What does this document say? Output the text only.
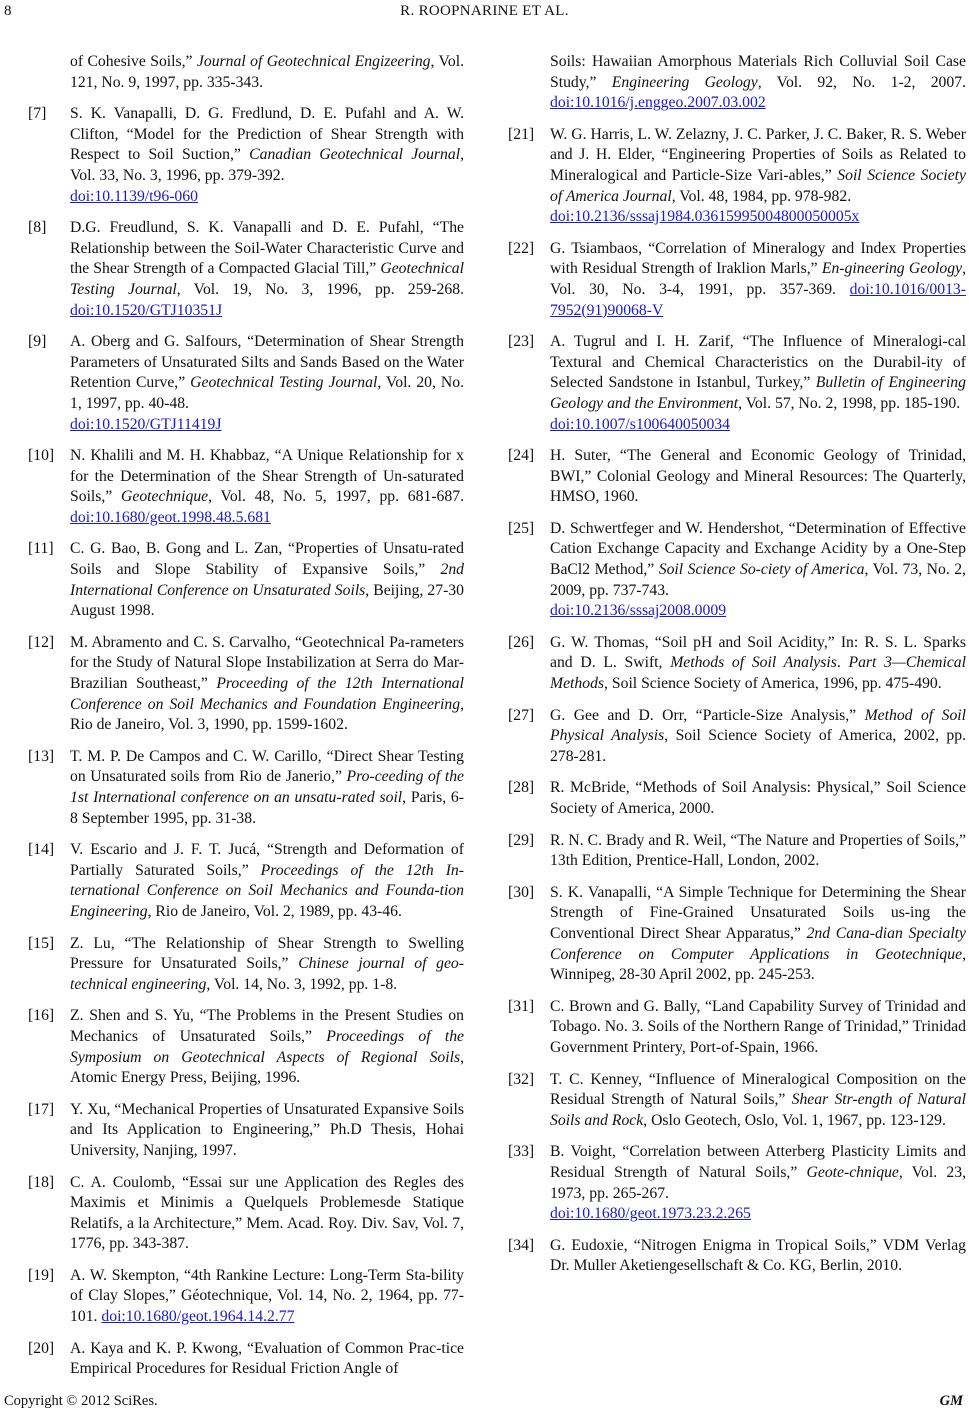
8	R. ROOPNARINE ET AL.
of Cohesive Soils,” Journal of Geotechnical Engizeering, Vol. 121, No. 9, 1997, pp. 335-343.
[7]	S. K. Vanapalli, D. G. Fredlund, D. E. Pufahl and A. W. Clifton, “Model for the Prediction of Shear Strength with Respect to Soil Suction,” Canadian Geotechnical Journal, Vol. 33, No. 3, 1996, pp. 379-392.
doi:10.1139/t96-060
[8]	D.G. Freudlund, S. K. Vanapalli and D. E. Pufahl, “The Relationship between the Soil-Water Characteristic Curve and the Shear Strength of a Compacted Glacial Till,” Geotechnical Testing Journal, Vol. 19, No. 3, 1996, pp. 259-268. doi:10.1520/GTJ10351J
[9]	A. Oberg and G. Salfours, “Determination of Shear Strength Parameters of Unsaturated Silts and Sands Based on the Water Retention Curve,” Geotechnical Testing Journal, Vol. 20, No. 1, 1997, pp. 40-48.
doi:10.1520/GTJ11419J
[10]	N. Khalili and M. H. Khabbaz, “A Unique Relationship for x for the Determination of the Shear Strength of Un-saturated Soils,” Geotechnique, Vol. 48, No. 5, 1997, pp. 681-687. doi:10.1680/geot.1998.48.5.681
[11]	C. G. Bao, B. Gong and L. Zan, “Properties of Unsatu-rated Soils and Slope Stability of Expansive Soils,” 2nd International Conference on Unsaturated Soils, Beijing, 27-30 August 1998.
[12]	M. Abramento and C. S. Carvalho, “Geotechnical Pa-rameters for the Study of Natural Slope Instabilization at Serra do Mar-Brazilian Southeast,” Proceeding of the 12th International Conference on Soil Mechanics and Foundation Engineering, Rio de Janeiro, Vol. 3, 1990, pp. 1599-1602.
[13]	T. M. P. De Campos and C. W. Carillo, “Direct Shear Testing on Unsaturated soils from Rio de Janerio,” Pro-ceeding of the 1st International conference on an unsatu-rated soil, Paris, 6-8 September 1995, pp. 31-38.
[14]	V. Escario and J. F. T. Jucá, “Strength and Deformation of Partially Saturated Soils,” Proceedings of the 12th In-ternational Conference on Soil Mechanics and Founda-tion Engineering, Rio de Janeiro, Vol. 2, 1989, pp. 43-46.
[15]	Z. Lu, “The Relationship of Shear Strength to Swelling Pressure for Unsaturated Soils,” Chinese journal of geo-technical engineering, Vol. 14, No. 3, 1992, pp. 1-8.
[16]	Z. Shen and S. Yu, “The Problems in the Present Studies on Mechanics of Unsaturated Soils,” Proceedings of the Symposium on Geotechnical Aspects of Regional Soils, Atomic Energy Press, Beijing, 1996.
[17]	Y. Xu, “Mechanical Properties of Unsaturated Expansive Soils and Its Application to Engineering,” Ph.D Thesis, Hohai University, Nanjing, 1997.
[18]	C. A. Coulomb, “Essai sur une Application des Regles des Maximis et Minimis a Quelquels Problemesde Statique Relatifs, a la Architecture,” Mem. Acad. Roy. Div. Sav, Vol. 7, 1776, pp. 343-387.
[19]	A. W. Skempton, “4th Rankine Lecture: Long-Term Sta-bility of Clay Slopes,” Géotechnique, Vol. 14, No. 2, 1964, pp. 77-101. doi:10.1680/geot.1964.14.2.77
[20]	A. Kaya and K. P. Kwong, “Evaluation of Common Prac-tice Empirical Procedures for Residual Friction Angle of
Soils: Hawaiian Amorphous Materials Rich Colluvial Soil Case Study,” Engineering Geology, Vol. 92, No. 1-2, 2007. doi:10.1016/j.enggeo.2007.03.002
[21]	W. G. Harris, L. W. Zelazny, J. C. Parker, J. C. Baker, R. S. Weber and J. H. Elder, “Engineering Properties of Soils as Related to Mineralogical and Particle-Size Vari-ables,” Soil Science Society of America Journal, Vol. 48, 1984, pp. 978-982.
doi:10.2136/sssaj1984.03615995004800050005x
[22]	G. Tsiambaos, “Correlation of Mineralogy and Index Properties with Residual Strength of Iraklion Marls,” En-gineering Geology, Vol. 30, No. 3-4, 1991, pp. 357-369. doi:10.1016/0013-7952(91)90068-V
[23]	A. Tugrul and I. H. Zarif, “The Influence of Mineralogi-cal Textural and Chemical Characteristics on the Durabil-ity of Selected Sandstone in Istanbul, Turkey,” Bulletin of Engineering Geology and the Environment, Vol. 57, No. 2, 1998, pp. 185-190.
doi:10.1007/s100640050034
[24]	H. Suter, “The General and Economic Geology of Trinidad, BWI,” Colonial Geology and Mineral Resources: The Quarterly, HMSO, 1960.
[25]	D. Schwertfeger and W. Hendershot, “Determination of Effective Cation Exchange Capacity and Exchange Acidity by a One-Step BaCl2 Method,” Soil Science So-ciety of America, Vol. 73, No. 2, 2009, pp. 737-743.
doi:10.2136/sssaj2008.0009
[26]	G. W. Thomas, “Soil pH and Soil Acidity,” In: R. S. L. Sparks and D. L. Swift, Methods of Soil Analysis. Part 3—Chemical Methods, Soil Science Society of America, 1996, pp. 475-490.
[27]	G. Gee and D. Orr, “Particle-Size Analysis,” Method of Soil Physical Analysis, Soil Science Society of America, 2002, pp. 278-281.
[28]	R. McBride, “Methods of Soil Analysis: Physical,” Soil Science Society of America, 2000.
[29]	R. N. C. Brady and R. Weil, “The Nature and Properties of Soils,” 13th Edition, Prentice-Hall, London, 2002.
[30]	S. K. Vanapalli, “A Simple Technique for Determining the Shear Strength of Fine-Grained Unsaturated Soils us-ing the Conventional Direct Shear Apparatus,” 2nd Cana-dian Specialty Conference on Computer Applications in Geotechnique, Winnipeg, 28-30 April 2002, pp. 245-253.
[31]	C. Brown and G. Bally, “Land Capability Survey of Trinidad and Tobago. No. 3. Soils of the Northern Range of Trinidad,” Trinidad Government Printery, Port-of-Spain, 1966.
[32]	T. C. Kenney, “Influence of Mineralogical Composition on the Residual Strength of Natural Soils,” Shear Str-ength of Natural Soils and Rock, Oslo Geotech, Oslo, Vol. 1, 1967, pp. 123-129.
[33]	B. Voight, “Correlation between Atterberg Plasticity Limits and Residual Strength of Natural Soils,” Geote-chnique, Vol. 23, 1973, pp. 265-267.
doi:10.1680/geot.1973.23.2.265
[34]	G. Eudoxie, “Nitrogen Enigma in Tropical Soils,” VDM Verlag Dr. Muller Aketiengesellschaft & Co. KG, Berlin, 2010.
Copyright © 2012 SciRes.	GM
